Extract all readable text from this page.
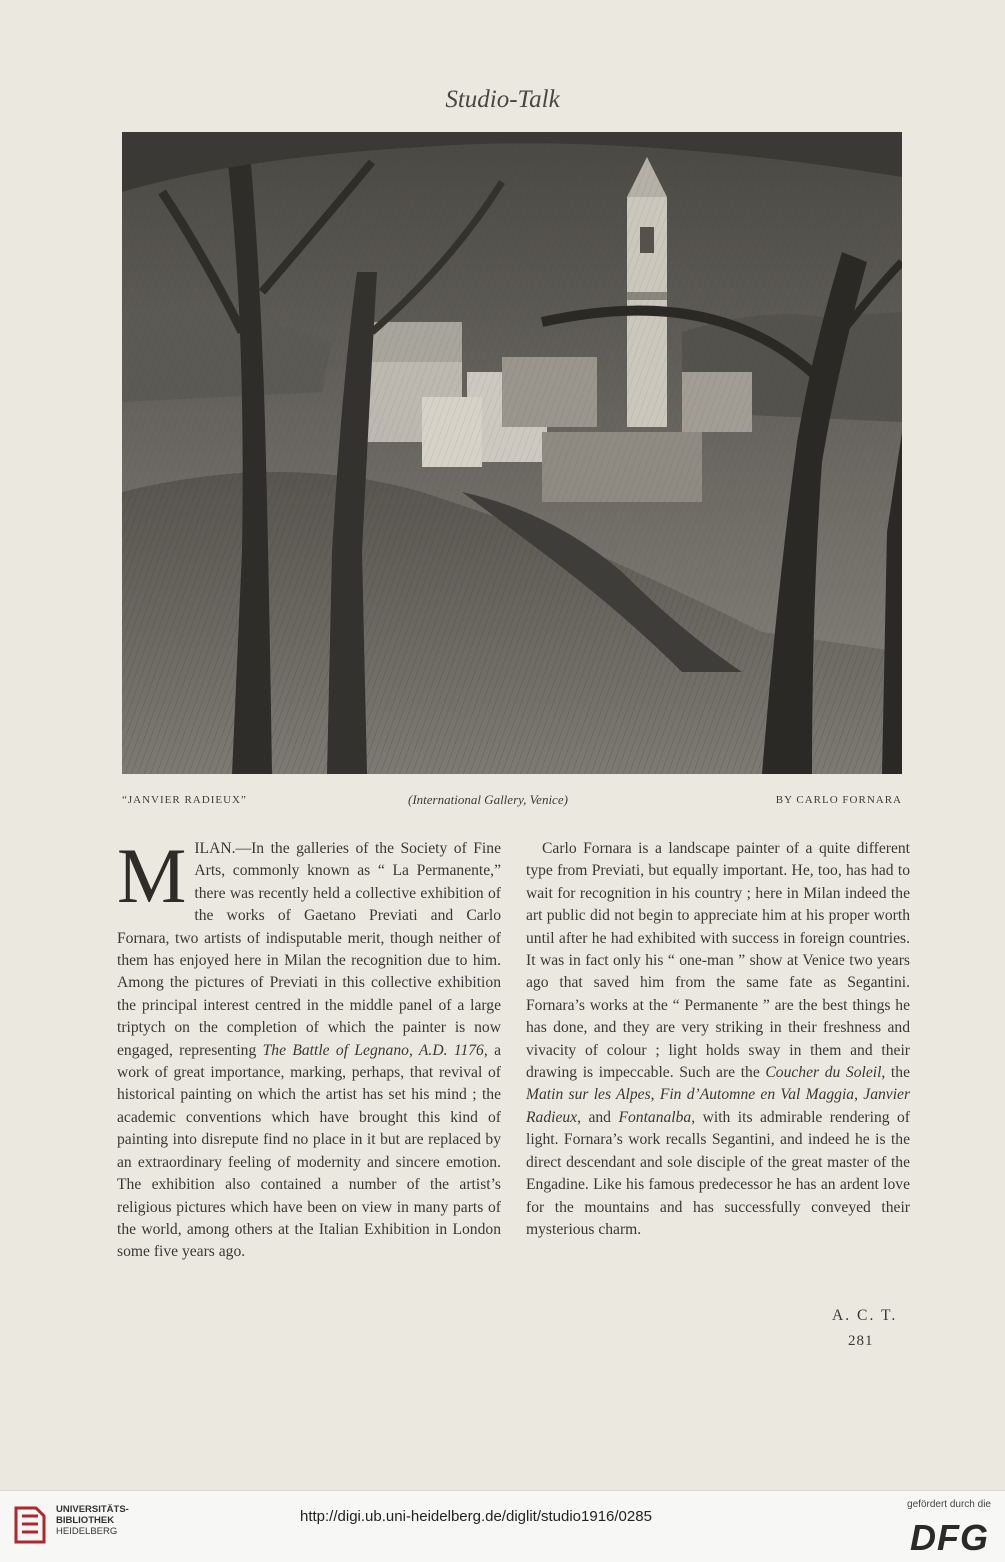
Studio-Talk
“JANVIER RADIEUX”	(International Gallery, Venice)	BY CARLO FORNARA

MILAN.—In the galleries of the Society of Fine Arts, commonly known as “ La Permanente,” there was recently held a collective exhibition of the works of Gaetano Previati and Carlo Fornara, two artists of indisputable merit, though neither of them has enjoyed here in Milan the recognition due to him. Among the pictures of Previati in this collective exhibition the principal interest centred in the middle panel of a large triptych on the completion of which the painter is now engaged, representing The Battle of Legnano, A.D. 1176, a work of great importance, marking, perhaps, that revival of historical painting on which the artist has set his mind ; the academic conventions which have brought this kind of painting into disrepute find no place in it but are replaced by an extraordinary feeling of modernity and sincere emotion. The exhibition also contained a number of the artist’s religious pictures which have been on view in many parts of the world, among others at the Italian Exhibition in London some five years ago.

Carlo Fornara is a landscape painter of a quite different type from Previati, but equally important. He, too, has had to wait for recognition in his country ; here in Milan indeed the art public did not begin to appreciate him at his proper worth until after he had exhibited with success in foreign countries. It was in fact only his “ one-man ” show at Venice two years ago that saved him from the same fate as Segantini. Fornara’s works at the “ Permanente ” are the best things he has done, and they are very striking in their freshness and vivacity of colour ; light holds sway in them and their drawing is impeccable. Such are the Coucher du Soleil, the Matin sur les Alpes, Fin d’Automne en Val Maggia, Janvier Radieux, and Fontanalba, with its admirable rendering of light. Fornara’s work recalls Segantini, and indeed he is the direct descendant and sole disciple of the great master of the Engadine. Like his famous predecessor he has an ardent love for the mountains and has successfully conveyed their mysterious charm.

A. C. T.
281
UNIVERSITÄTS-
BIBLIOTHEK
HEIDELBERG
http://digi.ub.uni-heidelberg.de/diglit/studio1916/0285
gefördert durch die
DFG
